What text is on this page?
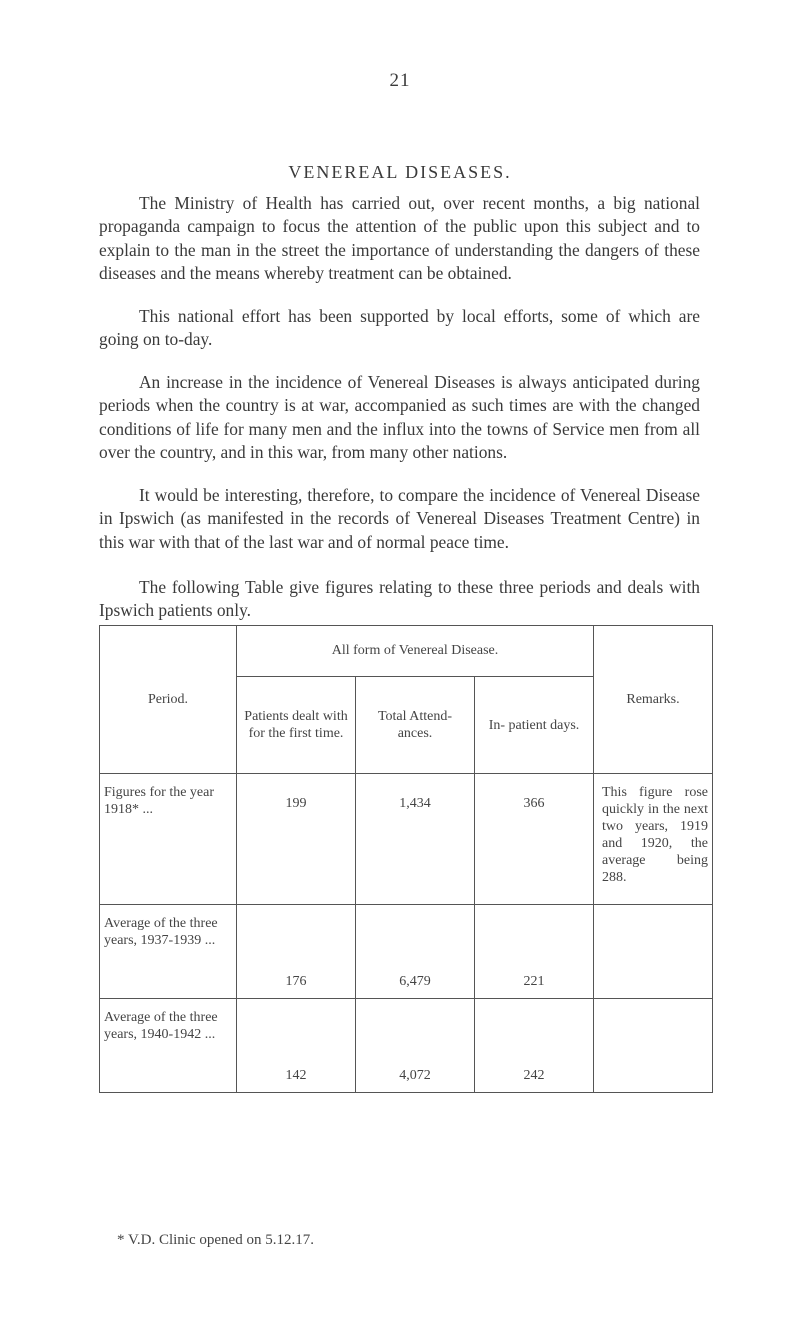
21
VENEREAL DISEASES.

The Ministry of Health has carried out, over recent months, a big national propaganda campaign to focus the attention of the public upon this subject and to explain to the man in the street the importance of understanding the dangers of these diseases and the means whereby treatment can be obtained.

This national effort has been supported by local efforts, some of which are going on to-day.

An increase in the incidence of Venereal Diseases is always anticipated during periods when the country is at war, accompanied as such times are with the changed conditions of life for many men and the influx into the towns of Service men from all over the country, and in this war, from many other nations.

It would be interesting, therefore, to compare the incidence of Venereal Disease in Ipswich (as manifested in the records of Venereal Diseases Treatment Centre) in this war with that of the last war and of normal peace time.

The following Table give figures relating to these three periods and deals with Ipswich patients only.

Period.	All form of Venereal Disease.			Remarks.
	Patients dealt with for the first time.	Total Attend- ances.	In- patient days.	
Figures for the year 1918* ...	199	1,434	366	This figure rose quickly in the next two years, 1919 and 1920, the average being 288.
Average of the three years, 1937-1939 ...	176	6,479	221	
Average of the three years, 1940-1942 ...	142	4,072	242	
* V.D. Clinic opened on 5.12.17.
